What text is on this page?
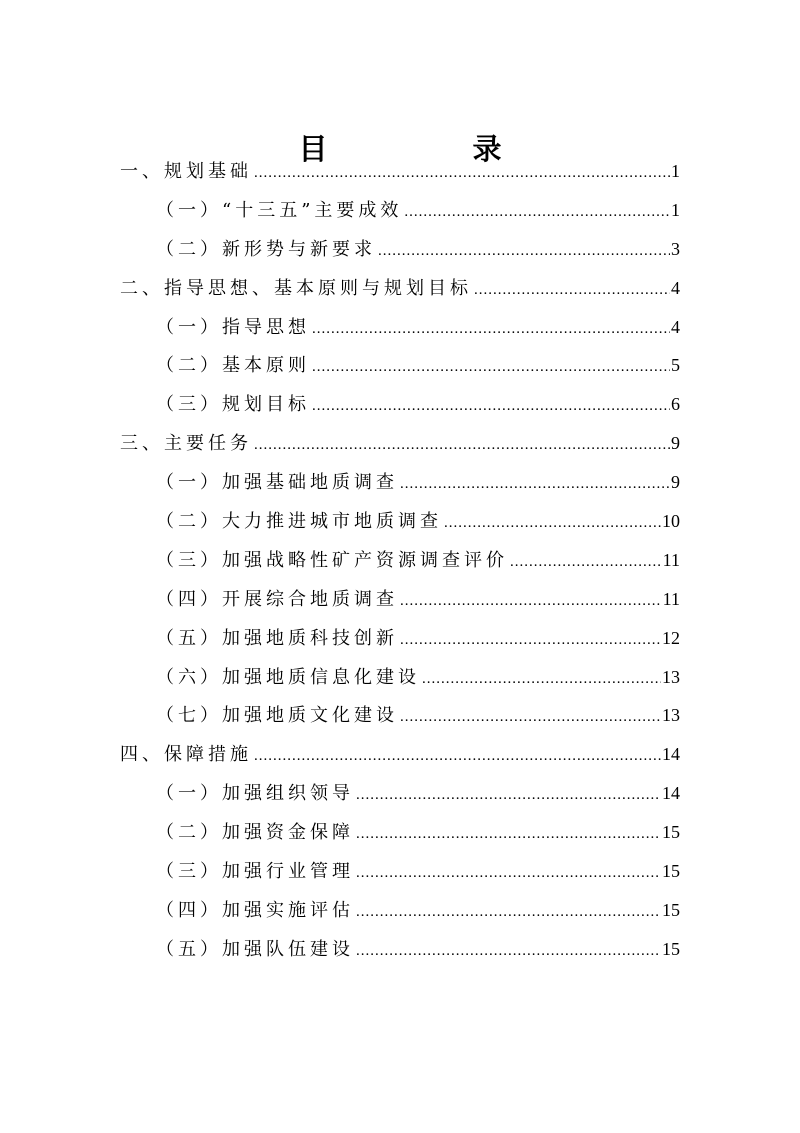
目　录
一、规划基础 .....	1
（一）“十三五”主要成效 .....	1
（二）新形势与新要求 .....	3
二、指导思想、基本原则与规划目标 .....	4
（一）指导思想 .....	4
（二）基本原则 .....	5
（三）规划目标 .....	6
三、主要任务 .....	9
（一）加强基础地质调查 .....	9
（二）大力推进城市地质调查 .....	10
（三）加强战略性矿产资源调查评价 .....	11
（四）开展综合地质调查 .....	11
（五）加强地质科技创新 .....	12
（六）加强地质信息化建设 .....	13
（七）加强地质文化建设 .....	13
四、保障措施 .....	14
（一）加强组织领导 .....	14
（二）加强资金保障 .....	15
（三）加强行业管理 .....	15
（四）加强实施评估 .....	15
（五）加强队伍建设 .....	15
